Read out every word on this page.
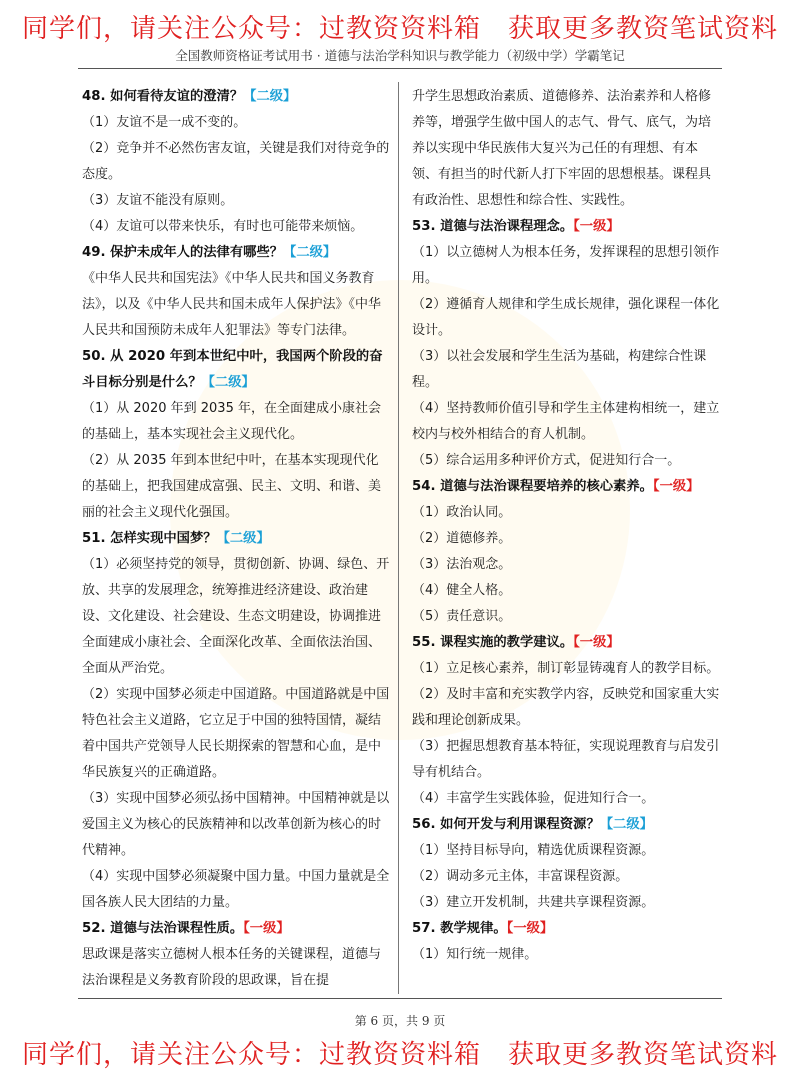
同学们，请关注公众号：过教资资料箱　获取更多教资笔试资料
全国教师资格证考试用书 · 道德与法治学科知识与教学能力（初级中学）学霸笔记
48. 如何看待友谊的澄清？【二级】
（1）友谊不是一成不变的。
（2）竞争并不必然伤害友谊，关键是我们对待竞争的态度。
（3）友谊不能没有原则。
（4）友谊可以带来快乐，有时也可能带来烦恼。
49. 保护未成年人的法律有哪些？【二级】
《中华人民共和国宪法》《中华人民共和国义务教育法》，以及《中华人民共和国未成年人保护法》《中华人民共和国预防未成年人犯罪法》等专门法律。
50. 从 2020 年到本世纪中叶，我国两个阶段的奋斗目标分别是什么？【二级】
（1）从 2020 年到 2035 年，在全面建成小康社会的基础上，基本实现社会主义现代化。
（2）从 2035 年到本世纪中叶，在基本实现现代化的基础上，把我国建成富强、民主、文明、和谐、美丽的社会主义现代化强国。
51. 怎样实现中国梦？【二级】
（1）必须坚持党的领导，贯彻创新、协调、绿色、开放、共享的发展理念，统筹推进经济建设、政治建设、文化建设、社会建设、生态文明建设，协调推进全面建成小康社会、全面深化改革、全面依法治国、全面从严治党。
（2）实现中国梦必须走中国道路。中国道路就是中国特色社会主义道路，它立足于中国的独特国情，凝结着中国共产党领导人民长期探索的智慧和心血，是中华民族复兴的正确道路。
（3）实现中国梦必须弘扬中国精神。中国精神就是以爱国主义为核心的民族精神和以改革创新为核心的时代精神。
（4）实现中国梦必须凝聚中国力量。中国力量就是全国各族人民大团结的力量。
52. 道德与法治课程性质。【一级】
思政课是落实立德树人根本任务的关键课程，道德与法治课程是义务教育阶段的思政课，旨在提
升学生思想政治素质、道德修养、法治素养和人格修养等，增强学生做中国人的志气、骨气、底气，为培养以实现中华民族伟大复兴为己任的有理想、有本领、有担当的时代新人打下牢固的思想根基。课程具有政治性、思想性和综合性、实践性。
53. 道德与法治课程理念。【一级】
（1）以立德树人为根本任务，发挥课程的思想引领作用。
（2）遵循育人规律和学生成长规律，强化课程一体化设计。
（3）以社会发展和学生生活为基础，构建综合性课程。
（4）坚持教师价值引导和学生主体建构相统一，建立校内与校外相结合的育人机制。
（5）综合运用多种评价方式，促进知行合一。
54. 道德与法治课程要培养的核心素养。【一级】
（1）政治认同。
（2）道德修养。
（3）法治观念。
（4）健全人格。
（5）责任意识。
55. 课程实施的教学建议。【一级】
（1）立足核心素养，制订彰显铸魂育人的教学目标。
（2）及时丰富和充实教学内容，反映党和国家重大实践和理论创新成果。
（3）把握思想教育基本特征，实现说理教育与启发引导有机结合。
（4）丰富学生实践体验，促进知行合一。
56. 如何开发与利用课程资源？【二级】
（1）坚持目标导向，精选优质课程资源。
（2）调动多元主体，丰富课程资源。
（3）建立开发机制，共建共享课程资源。
57. 教学规律。【一级】
（1）知行统一规律。
第 6 页，共 9 页
同学们，请关注公众号：过教资资料箱　获取更多教资笔试资料
